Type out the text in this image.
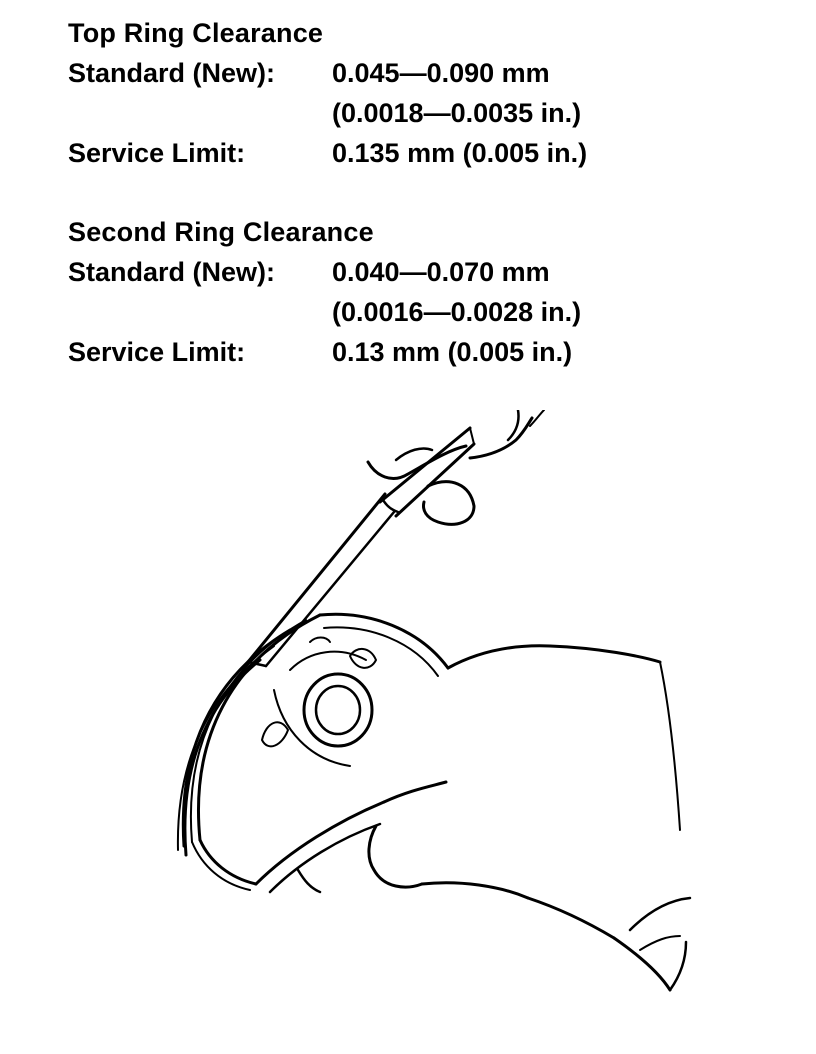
Top Ring Clearance
Standard (New): 0.045—0.090 mm
(0.0018—0.0035 in.)
Service Limit:	0.135 mm (0.005 in.)
Second Ring Clearance
Standard (New): 0.040—0.070 mm
(0.0016—0.0028 in.)
Service Limit:	0.13 mm (0.005 in.)
